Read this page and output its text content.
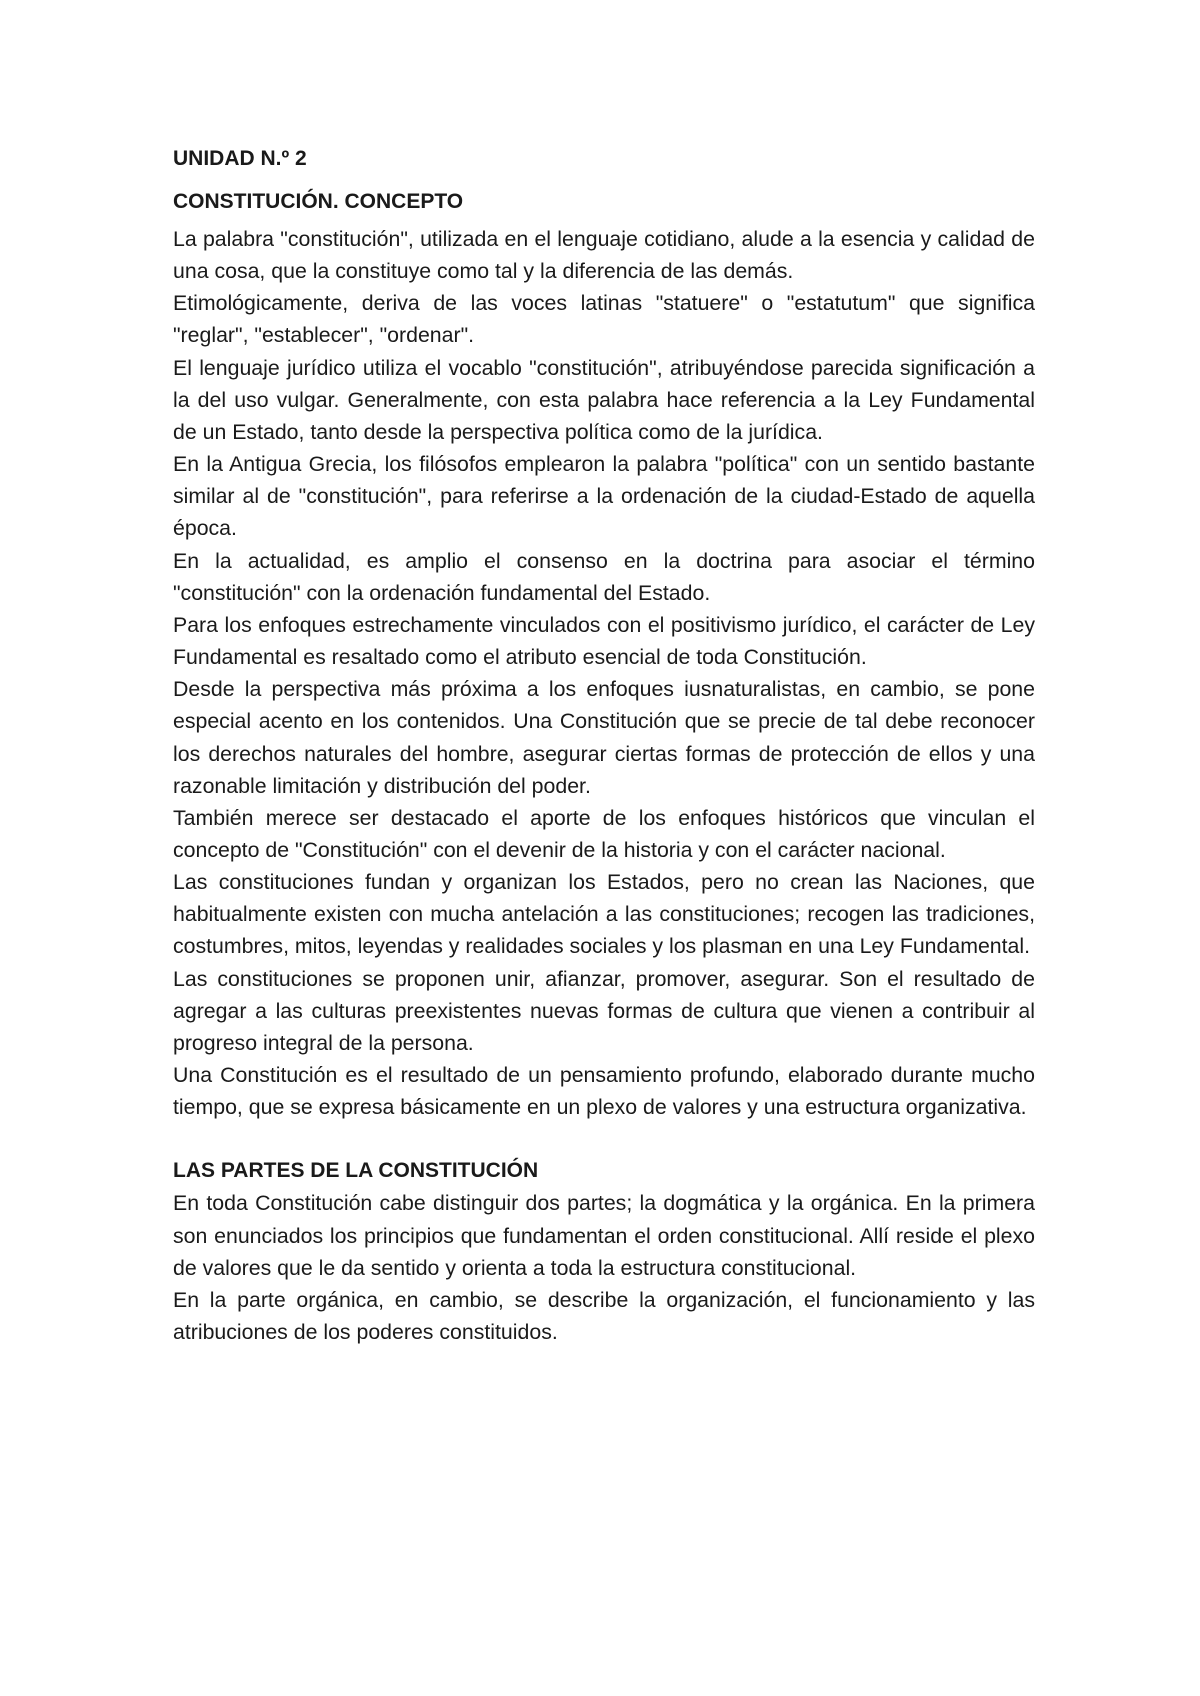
UNIDAD N.º 2
CONSTITUCIÓN. CONCEPTO

La palabra "constitución", utilizada en el lenguaje cotidiano, alude a la esencia y calidad de una cosa, que la constituye como tal y la diferencia de las demás.

Etimológicamente, deriva de las voces latinas "statuere" o "estatutum" que significa "reglar", "establecer", "ordenar".

El lenguaje jurídico utiliza el vocablo "constitución", atribuyéndose parecida significación a la del uso vulgar. Generalmente, con esta palabra hace referencia a la Ley Fundamental de un Estado, tanto desde la perspectiva política como de la jurídica.

En la Antigua Grecia, los filósofos emplearon la palabra "política" con un sentido bastante similar al de "constitución", para referirse a la ordenación de la ciudad-Estado de aquella época.

En la actualidad, es amplio el consenso en la doctrina para asociar el término "constitución" con la ordenación fundamental del Estado.

Para los enfoques estrechamente vinculados con el positivismo jurídico, el carácter de Ley Fundamental es resaltado como el atributo esencial de toda Constitución.

Desde la perspectiva más próxima a los enfoques iusnaturalistas, en cambio, se pone especial acento en los contenidos. Una Constitución que se precie de tal debe reconocer los derechos naturales del hombre, asegurar ciertas formas de protección de ellos y una razonable limitación y distribución del poder.

También merece ser destacado el aporte de los enfoques históricos que vinculan el concepto de "Constitución" con el devenir de la historia y con el carácter nacional.

Las constituciones fundan y organizan los Estados, pero no crean las Naciones, que habitualmente existen con mucha antelación a las constituciones; recogen las tradiciones, costumbres, mitos, leyendas y realidades sociales y los plasman en una Ley Fundamental.

Las constituciones se proponen unir, afianzar, promover, asegurar. Son el resultado de agregar a las culturas preexistentes nuevas formas de cultura que vienen a contribuir al progreso integral de la persona.

Una Constitución es el resultado de un pensamiento profundo, elaborado durante mucho tiempo, que se expresa básicamente en un plexo de valores y una estructura organizativa.

LAS PARTES DE LA CONSTITUCIÓN

En toda Constitución cabe distinguir dos partes; la dogmática y la orgánica. En la primera son enunciados los principios que fundamentan el orden constitucional. Allí reside el plexo de valores que le da sentido y orienta a toda la estructura constitucional.

En la parte orgánica, en cambio, se describe la organización, el funcionamiento y las atribuciones de los poderes constituidos.
